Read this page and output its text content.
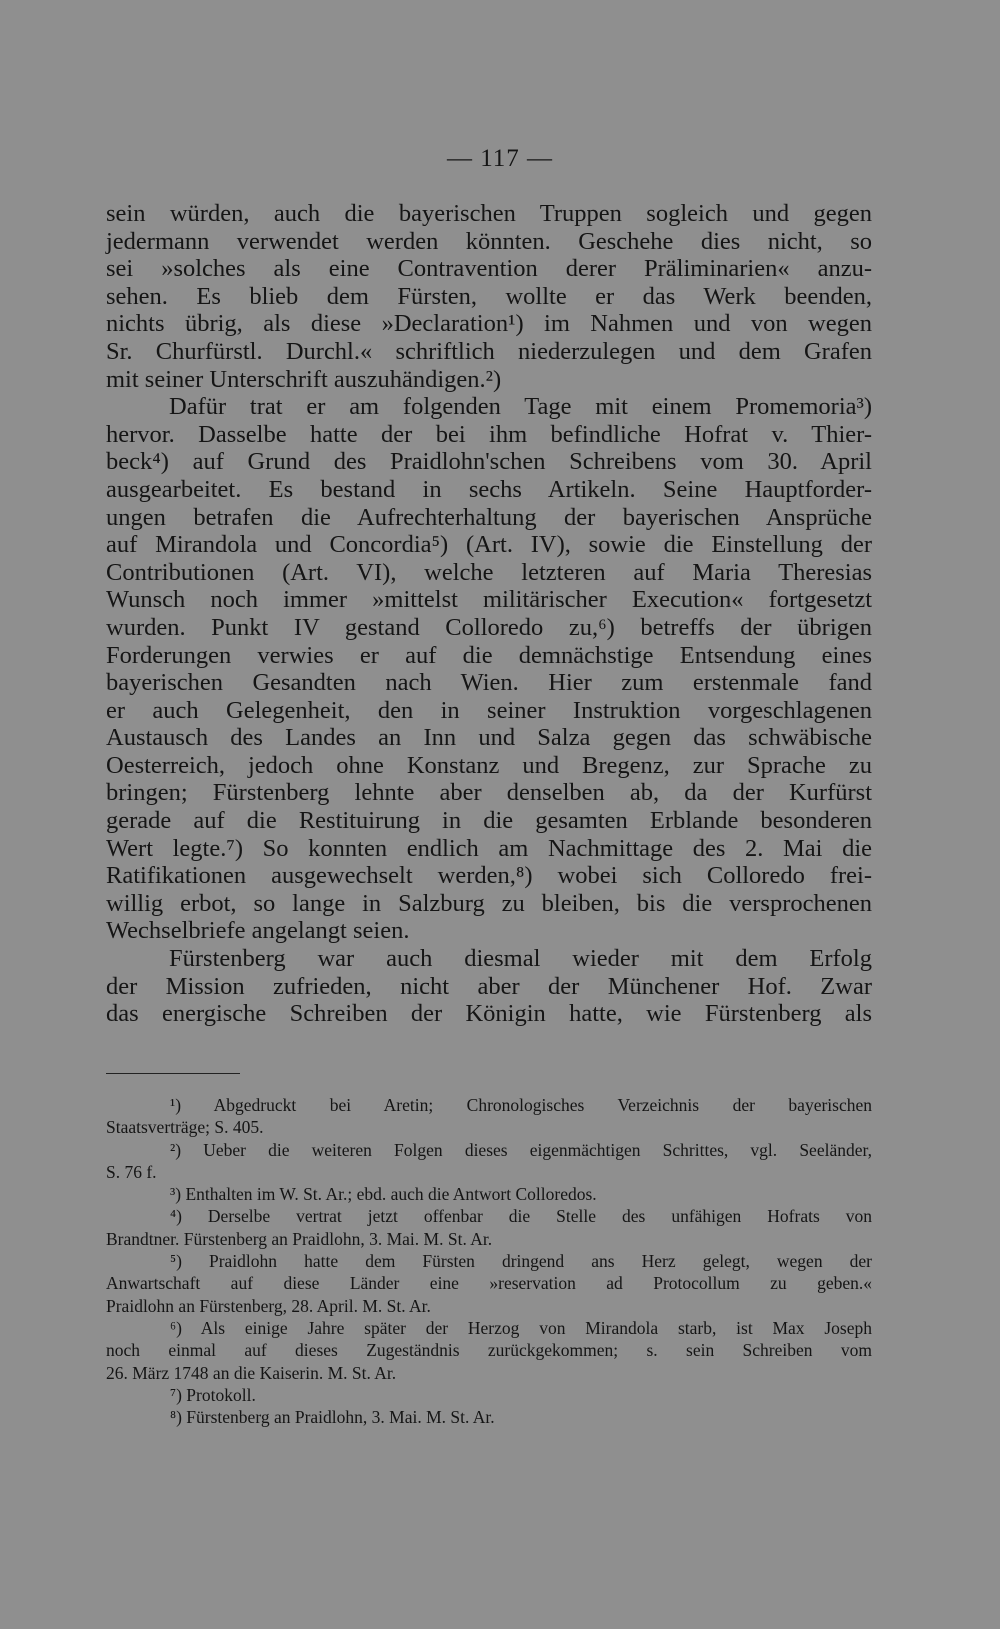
— 117 —
sein würden, auch die bayerischen Truppen sogleich und gegen
jedermann verwendet werden könnten. Geschehe dies nicht, so
sei »solches als eine Contravention derer Präliminarien« anzu-
sehen. Es blieb dem Fürsten, wollte er das Werk beenden,
nichts übrig, als diese »Declaration¹) im Nahmen und von wegen
Sr. Churfürstl. Durchl.« schriftlich niederzulegen und dem Grafen
mit seiner Unterschrift auszuhändigen.²)
Dafür trat er am folgenden Tage mit einem Promemoria³)
hervor. Dasselbe hatte der bei ihm befindliche Hofrat v. Thier-
beck⁴) auf Grund des Praidlohn'schen Schreibens vom 30. April
ausgearbeitet. Es bestand in sechs Artikeln. Seine Hauptforder-
ungen betrafen die Aufrechterhaltung der bayerischen Ansprüche
auf Mirandola und Concordia⁵) (Art. IV), sowie die Einstellung der
Contributionen (Art. VI), welche letzteren auf Maria Theresias
Wunsch noch immer »mittelst militärischer Execution« fortgesetzt
wurden. Punkt IV gestand Colloredo zu,⁶) betreffs der übrigen
Forderungen verwies er auf die demnächstige Entsendung eines
bayerischen Gesandten nach Wien. Hier zum erstenmale fand
er auch Gelegenheit, den in seiner Instruktion vorgeschlagenen
Austausch des Landes an Inn und Salza gegen das schwäbische
Oesterreich, jedoch ohne Konstanz und Bregenz, zur Sprache zu
bringen; Fürstenberg lehnte aber denselben ab, da der Kurfürst
gerade auf die Restituirung in die gesamten Erblande besonderen
Wert legte.⁷) So konnten endlich am Nachmittage des 2. Mai die
Ratifikationen ausgewechselt werden,⁸) wobei sich Colloredo frei-
willig erbot, so lange in Salzburg zu bleiben, bis die versprochenen
Wechselbriefe angelangt seien.
Fürstenberg war auch diesmal wieder mit dem Erfolg
der Mission zufrieden, nicht aber der Münchener Hof. Zwar
das energische Schreiben der Königin hatte, wie Fürstenberg als
¹) Abgedruckt bei Aretin; Chronologisches Verzeichnis der bayerischen
Staatsverträge; S. 405.
²) Ueber die weiteren Folgen dieses eigenmächtigen Schrittes, vgl. Seeländer,
S. 76 f.
³) Enthalten im W. St. Ar.; ebd. auch die Antwort Colloredos.
⁴) Derselbe vertrat jetzt offenbar die Stelle des unfähigen Hofrats von
Brandtner. Fürstenberg an Praidlohn, 3. Mai. M. St. Ar.
⁵) Praidlohn hatte dem Fürsten dringend ans Herz gelegt, wegen der
Anwartschaft auf diese Länder eine »reservation ad Protocollum zu geben.«
Praidlohn an Fürstenberg, 28. April. M. St. Ar.
⁶) Als einige Jahre später der Herzog von Mirandola starb, ist Max Joseph
noch einmal auf dieses Zugeständnis zurückgekommen; s. sein Schreiben vom
26. März 1748 an die Kaiserin. M. St. Ar.
⁷) Protokoll.
⁸) Fürstenberg an Praidlohn, 3. Mai. M. St. Ar.
